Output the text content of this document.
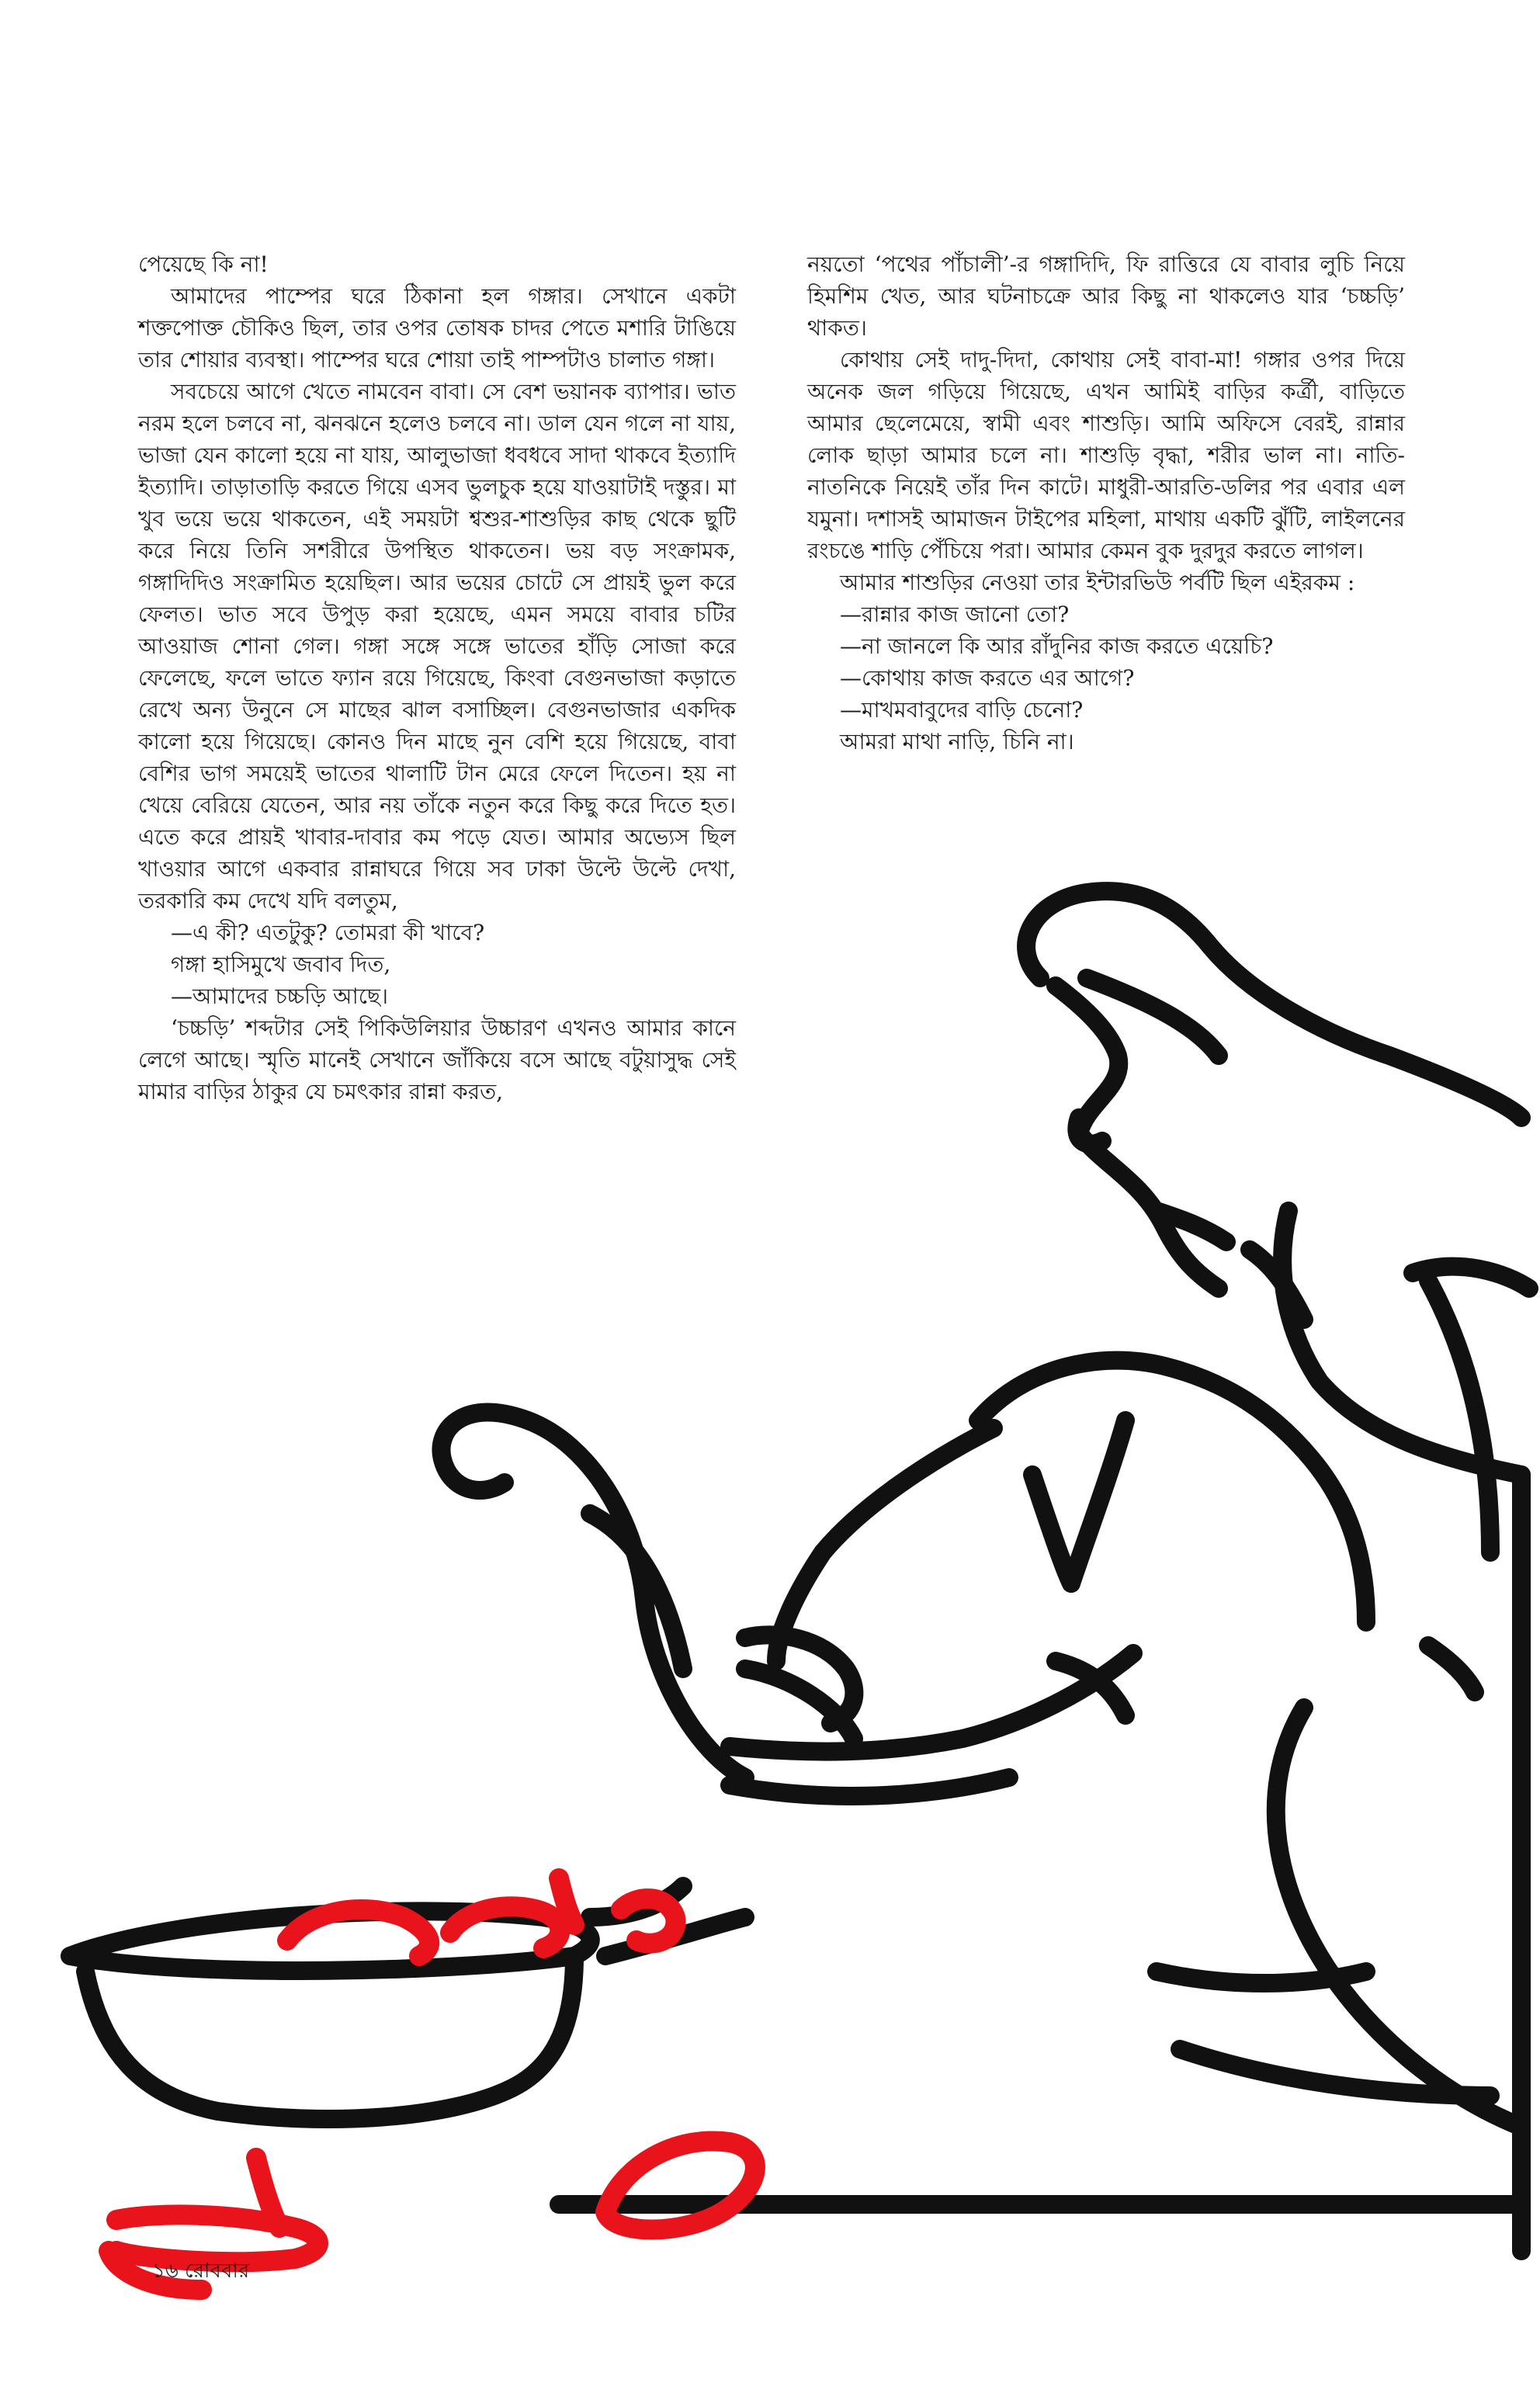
পেয়েছে কি না!

আমাদের পাম্পের ঘরে ঠিকানা হল গঙ্গার। সেখানে একটা শক্তপোক্ত চৌকিও ছিল, তার ওপর তোষক চাদর পেতে মশারি টাঙিয়ে তার শোয়ার ব্যবস্থা। পাম্পের ঘরে শোয়া তাই পাম্পটাও চালাত গঙ্গা।

সবচেয়ে আগে খেতে নামবেন বাবা। সে বেশ ভয়ানক ব্যাপার। ভাত নরম হলে চলবে না, ঝনঝনে হলেও চলবে না। ডাল যেন গলে না যায়, ভাজা যেন কালো হয়ে না যায়, আলুভাজা ধবধবে সাদা থাকবে ইত্যাদি ইত্যাদি। তাড়াতাড়ি করতে গিয়ে এসব ভুলচুক হয়ে যাওয়াটাই দস্তুর। মা খুব ভয়ে ভয়ে থাকতেন, এই সময়টা শ্বশুর-শাশুড়ির কাছ থেকে ছুটি করে নিয়ে তিনি সশরীরে উপস্থিত থাকতেন। ভয় বড় সংক্রামক, গঙ্গাদিদিও সংক্রামিত হয়েছিল। আর ভয়ের চোটে সে প্রায়ই ভুল করে ফেলত। ভাত সবে উপুড় করা হয়েছে, এমন সময়ে বাবার চটির আওয়াজ শোনা গেল। গঙ্গা সঙ্গে সঙ্গে ভাতের হাঁড়ি সোজা করে ফেলেছে, ফলে ভাতে ফ্যান রয়ে গিয়েছে, কিংবা বেগুনভাজা কড়াতে রেখে অন্য উনুনে সে মাছের ঝাল বসাচ্ছিল। বেগুনভাজার একদিক কালো হয়ে গিয়েছে। কোনও দিন মাছে নুন বেশি হয়ে গিয়েছে, বাবা বেশির ভাগ সময়েই ভাতের থালাটি টান মেরে ফেলে দিতেন। হয় না খেয়ে বেরিয়ে যেতেন, আর নয় তাঁকে নতুন করে কিছু করে দিতে হত। এতে করে প্রায়ই খাবার-দাবার কম পড়ে যেত। আমার অভ্যেস ছিল খাওয়ার আগে একবার রান্নাঘরে গিয়ে সব ঢাকা উল্টে উল্টে দেখা, তরকারি কম দেখে যদি বলতুম,

—এ কী? এতটুকু? তোমরা কী খাবে?

গঙ্গা হাসিমুখে জবাব দিত,

—আমাদের চচ্চড়ি আছে।

‘চচ্চড়ি’ শব্দটার সেই পিকিউলিয়ার উচ্চারণ এখনও আমার কানে লেগে আছে। স্মৃতি মানেই সেখানে জাঁকিয়ে বসে আছে বটুয়াসুদ্ধ সেই মামার বাড়ির ঠাকুর যে চমৎকার রান্না করত,

নয়তো ‘পথের পাঁচালী’-র গঙ্গাদিদি, ফি রাত্তিরে যে বাবার লুচি নিয়ে হিমশিম খেত, আর ঘটনাচক্রে আর কিছু না থাকলেও যার ‘চচ্চড়ি’ থাকত।

কোথায় সেই দাদু-দিদা, কোথায় সেই বাবা-মা! গঙ্গার ওপর দিয়ে অনেক জল গড়িয়ে গিয়েছে, এখন আমিই বাড়ির কর্ত্রী, বাড়িতে আমার ছেলেমেয়ে, স্বামী এবং শাশুড়ি। আমি অফিসে বেরই, রান্নার লোক ছাড়া আমার চলে না। শাশুড়ি বৃদ্ধা, শরীর ভাল না। নাতি-নাতনিকে নিয়েই তাঁর দিন কাটে। মাধুরী-আরতি-ডলির পর এবার এল যমুনা। দশাসই আমাজন টাইপের মহিলা, মাথায় একটি ঝুঁটি, লাইলনের রংচঙে শাড়ি পেঁচিয়ে পরা। আমার কেমন বুক দুরদুর করতে লাগল।

আমার শাশুড়ির নেওয়া তার ইন্টারভিউ পর্বটি ছিল এইরকম :

—রান্নার কাজ জানো তো?

—না জানলে কি আর রাঁদুনির কাজ করতে এয়েচি?

—কোথায় কাজ করতে এর আগে?

—মাখমবাবুদের বাড়ি চেনো?

আমরা মাথা নাড়ি, চিনি না।

১৬ রোববার
